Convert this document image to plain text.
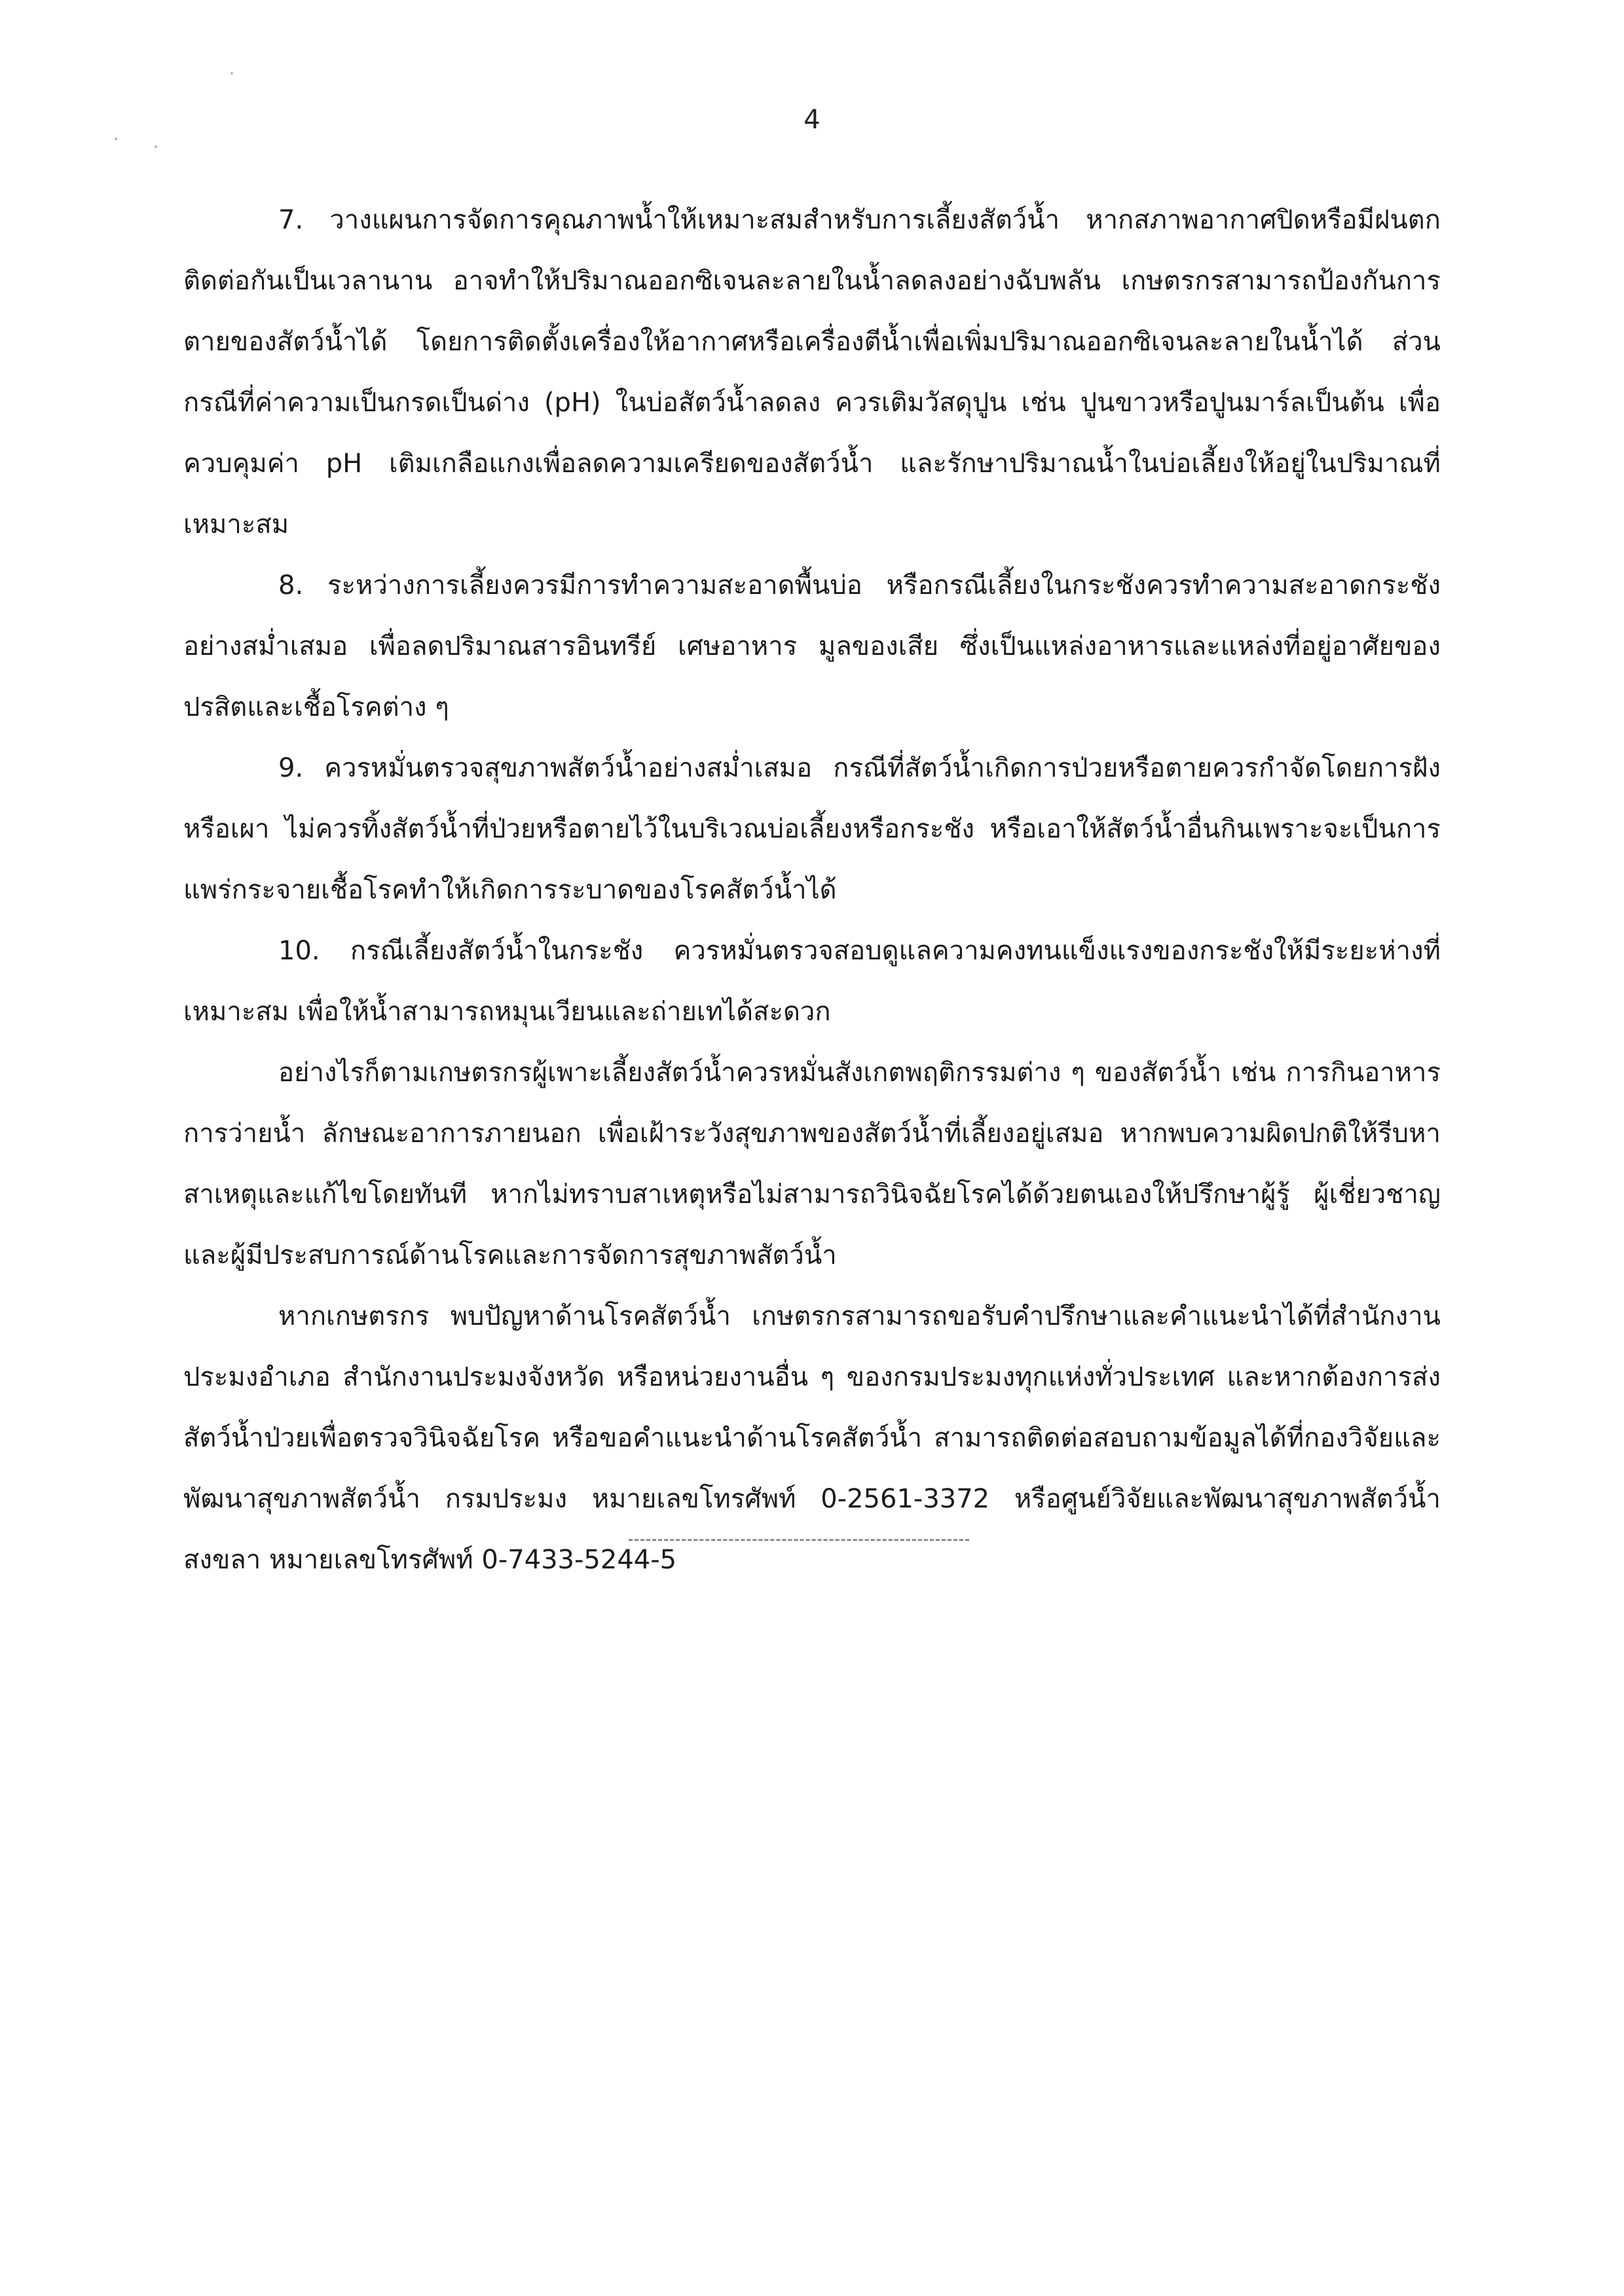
4

7. วางแผนการจัดการคุณภาพน้ำให้เหมาะสมสำหรับการเลี้ยงสัตว์น้ำ หากสภาพอากาศปิดหรือมีฝนตกติดต่อกันเป็นเวลานาน อาจทำให้ปริมาณออกซิเจนละลายในน้ำลดลงอย่างฉับพลัน เกษตรกรสามารถป้องกันการตายของสัตว์น้ำได้ โดยการติดตั้งเครื่องให้อากาศหรือเครื่องตีน้ำเพื่อเพิ่มปริมาณออกซิเจนละลายในน้ำได้ ส่วนกรณีที่ค่าความเป็นกรดเป็นด่าง (pH) ในบ่อสัตว์น้ำลดลง ควรเติมวัสดุปูน เช่น ปูนขาวหรือปูนมาร์ลเป็นต้น เพื่อควบคุมค่า pH เติมเกลือแกงเพื่อลดความเครียดของสัตว์น้ำ และรักษาปริมาณน้ำในบ่อเลี้ยงให้อยู่ในปริมาณที่เหมาะสม

8. ระหว่างการเลี้ยงควรมีการทำความสะอาดพื้นบ่อ หรือกรณีเลี้ยงในกระชังควรทำความสะอาดกระชังอย่างสม่ำเสมอ เพื่อลดปริมาณสารอินทรีย์ เศษอาหาร มูลของเสีย ซึ่งเป็นแหล่งอาหารและแหล่งที่อยู่อาศัยของปรสิตและเชื้อโรคต่าง ๆ

9. ควรหมั่นตรวจสุขภาพสัตว์น้ำอย่างสม่ำเสมอ กรณีที่สัตว์น้ำเกิดการป่วยหรือตายควรกำจัดโดยการฝังหรือเผา ไม่ควรทิ้งสัตว์น้ำที่ป่วยหรือตายไว้ในบริเวณบ่อเลี้ยงหรือกระชัง หรือเอาให้สัตว์น้ำอื่นกินเพราะจะเป็นการแพร่กระจายเชื้อโรคทำให้เกิดการระบาดของโรคสัตว์น้ำได้

10. กรณีเลี้ยงสัตว์น้ำในกระชัง ควรหมั่นตรวจสอบดูแลความคงทนแข็งแรงของกระชังให้มีระยะห่างที่เหมาะสม เพื่อให้น้ำสามารถหมุนเวียนและถ่ายเทได้สะดวก

อย่างไรก็ตามเกษตรกรผู้เพาะเลี้ยงสัตว์น้ำควรหมั่นสังเกตพฤติกรรมต่าง ๆ ของสัตว์น้ำ เช่น การกินอาหาร การว่ายน้ำ ลักษณะอาการภายนอก เพื่อเฝ้าระวังสุขภาพของสัตว์น้ำที่เลี้ยงอยู่เสมอ หากพบความผิดปกติให้รีบหาสาเหตุและแก้ไขโดยทันที หากไม่ทราบสาเหตุหรือไม่สามารถวินิจฉัยโรคได้ด้วยตนเองให้ปรึกษาผู้รู้ ผู้เชี่ยวชาญ และผู้มีประสบการณ์ด้านโรคและการจัดการสุขภาพสัตว์น้ำ

หากเกษตรกร พบปัญหาด้านโรคสัตว์น้ำ เกษตรกรสามารถขอรับคำปรึกษาและคำแนะนำได้ที่สำนักงานประมงอำเภอ สำนักงานประมงจังหวัด หรือหน่วยงานอื่น ๆ ของกรมประมงทุกแห่งทั่วประเทศ และหากต้องการส่งสัตว์น้ำป่วยเพื่อตรวจวินิจฉัยโรค หรือขอคำแนะนำด้านโรคสัตว์น้ำ สามารถติดต่อสอบถามข้อมูลได้ที่กองวิจัยและพัฒนาสุขภาพสัตว์น้ำ กรมประมง หมายเลขโทรศัพท์ 0-2561-3372 หรือศูนย์วิจัยและพัฒนาสุขภาพสัตว์น้ำสงขลา หมายเลขโทรศัพท์ 0-7433-5244-5
